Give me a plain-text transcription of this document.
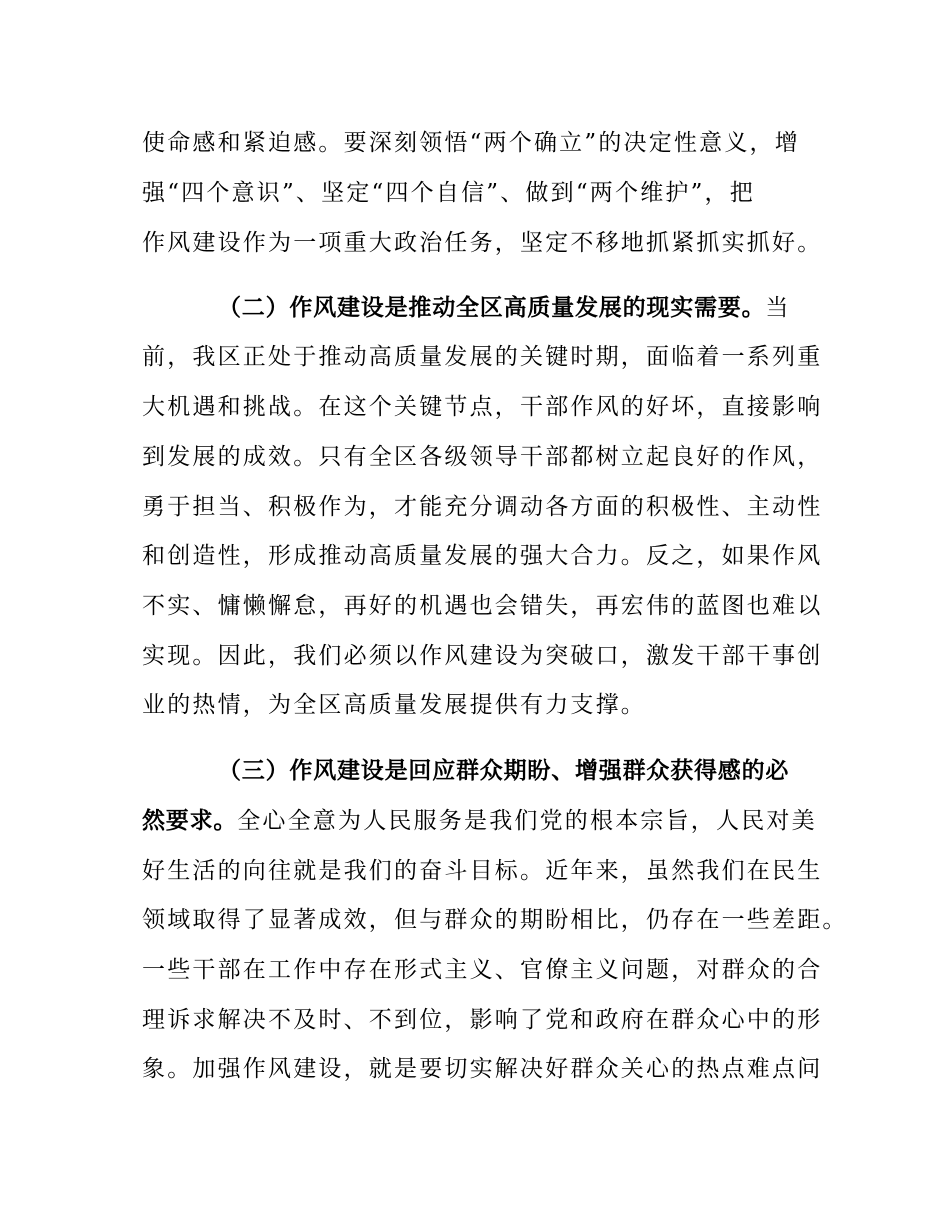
使命感和紧迫感。要深刻领悟“两个确立”的决定性意义，增
强“四个意识”、坚定“四个自信”、做到“两个维护”，把
作风建设作为一项重大政治任务，坚定不移地抓紧抓实抓好。
（二）作风建设是推动全区高质量发展的现实需要。当
前，我区正处于推动高质量发展的关键时期，面临着一系列重
大机遇和挑战。在这个关键节点，干部作风的好坏，直接影响
到发展的成效。只有全区各级领导干部都树立起良好的作风，
勇于担当、积极作为，才能充分调动各方面的积极性、主动性
和创造性，形成推动高质量发展的强大合力。反之，如果作风
不实、慵懒懈怠，再好的机遇也会错失，再宏伟的蓝图也难以
实现。因此，我们必须以作风建设为突破口，激发干部干事创
业的热情，为全区高质量发展提供有力支撑。
（三）作风建设是回应群众期盼、增强群众获得感的必
然要求。全心全意为人民服务是我们党的根本宗旨，人民对美
好生活的向往就是我们的奋斗目标。近年来，虽然我们在民生
领域取得了显著成效，但与群众的期盼相比，仍存在一些差距。
一些干部在工作中存在形式主义、官僚主义问题，对群众的合
理诉求解决不及时、不到位，影响了党和政府在群众心中的形
象。加强作风建设，就是要切实解决好群众关心的热点难点问
